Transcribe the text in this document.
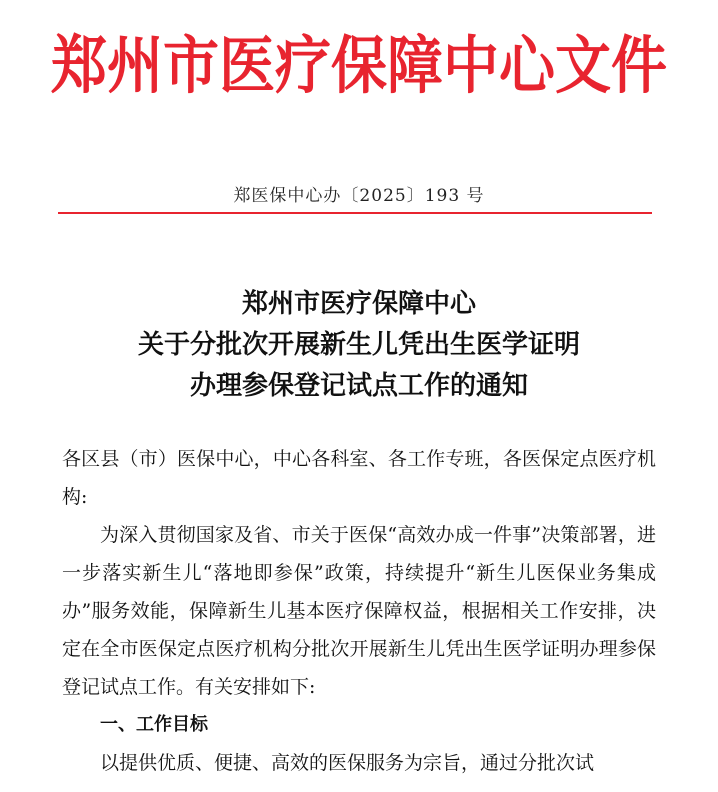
郑州市医疗保障中心文件
郑医保中心办〔2025〕193 号
郑州市医疗保障中心
关于分批次开展新生儿凭出生医学证明
办理参保登记试点工作的通知

各区县（市）医保中心，中心各科室、各工作专班，各医保定点医疗机构:

为深入贯彻国家及省、市关于医保“高效办成一件事”决策部署，进一步落实新生儿“落地即参保”政策，持续提升“新生儿医保业务集成办”服务效能，保障新生儿基本医疗保障权益，根据相关工作安排，决定在全市医保定点医疗机构分批次开展新生儿凭出生医学证明办理参保登记试点工作。有关安排如下:

一、工作目标

以提供优质、便捷、高效的医保服务为宗旨，通过分批次试
